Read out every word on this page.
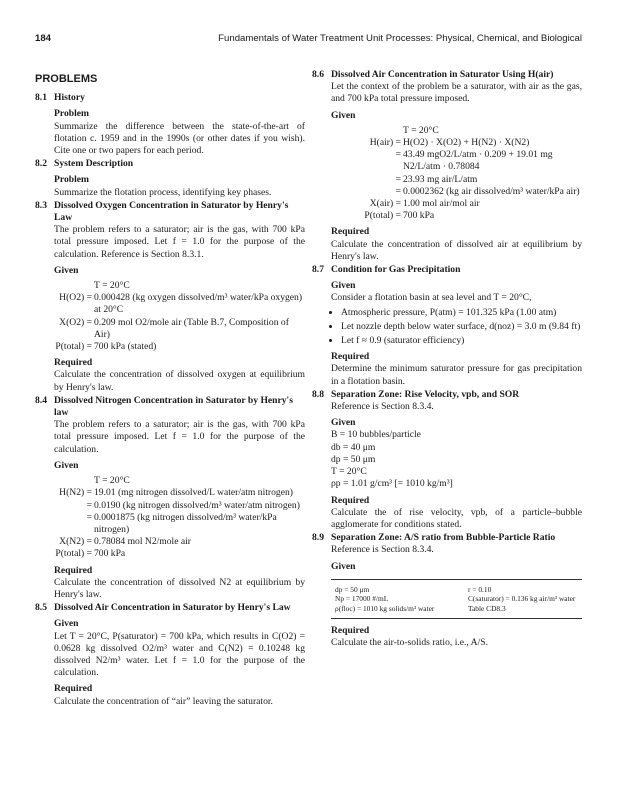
184	Fundamentals of Water Treatment Unit Processes: Physical, Chemical, and Biological
PROBLEMS
8.1 History
Problem

Summarize the difference between the state-of-the-art of flotation c. 1959 and in the 1990s (or other dates if you wish). Cite one or two papers for each period.

8.2 System Description
Problem

Summarize the flotation process, identifying key phases.

8.3 Dissolved Oxygen Concentration in Saturator by Henry's Law

The problem refers to a saturator; air is the gas, with 700 kPa total pressure imposed. Let f = 1.0 for the purpose of the calculation. Reference is Section 8.3.1.

Given
T = 20°C
H(O2) = 0.000428 (kg oxygen dissolved/m³ water/kPa oxygen) at 20°C
X(O2) = 0.209 mol O2/mole air (Table B.7, Composition of Air)
P(total) = 700 kPa (stated)
Required

Calculate the concentration of dissolved oxygen at equilibrium by Henry's law.

8.4 Dissolved Nitrogen Concentration in Saturator by Henry's law

The problem refers to a saturator; air is the gas, with 700 kPa total pressure imposed. Let f = 1.0 for the purpose of the calculation.

Given
T = 20°C
H(N2) = 19.01 (mg nitrogen dissolved/L water/atm nitrogen)
= 0.0190 (kg nitrogen dissolved/m³ water/atm nitrogen)
= 0.0001875 (kg nitrogen dissolved/m³ water/kPa nitrogen)
X(N2) = 0.78084 mol N2/mole air
P(total) = 700 kPa
Required

Calculate the concentration of dissolved N2 at equilibrium by Henry's law.

8.5 Dissolved Air Concentration in Saturator by Henry's Law
Given

Let T = 20°C, P(saturator) = 700 kPa, which results in C(O2) = 0.0628 kg dissolved O2/m³ water and C(N2) = 0.10248 kg dissolved N2/m³ water. Let f = 1.0 for the purpose of the calculation.

Required

Calculate the concentration of “air” leaving the saturator.

8.6 Dissolved Air Concentration in Saturator Using H(air)

Let the context of the problem be a saturator, with air as the gas, and 700 kPa total pressure imposed.

Given
T = 20°C
H(air) = H(O2) · X(O2) + H(N2) · X(N2)
= 43.49 mgO2/L/atm · 0.209 + 19.01 mg N2/L/atm · 0.78084
= 23.93 mg air/L/atm
= 0.0002362 (kg air dissolved/m³ water/kPa air)
X(air) = 1.00 mol air/mol air
P(total) = 700 kPa
Required

Calculate the concentration of dissolved air at equilibrium by Henry's law.

8.7 Condition for Gas Precipitation
Given

Consider a flotation basin at sea level and T = 20°C,

• Atmospheric pressure, P(atm) = 101.325 kPa (1.00 atm)
• Let nozzle depth below water surface, d(noz) = 3.0 m (9.84 ft)
• Let f ≈ 0.9 (saturator efficiency)
Required

Determine the minimum saturator pressure for gas precipitation in a flotation basin.

8.8 Separation Zone: Rise Velocity, vpb, and SOR

Reference is Section 8.3.4.

Given
B = 10 bubbles/particle
db = 40 μm
dp = 50 μm
T = 20°C
ρp = 1.01 g/cm³ [= 1010 kg/m³]
Required

Calculate the of rise velocity, vpb, of a particle–bubble agglomerate for conditions stated.

8.9 Separation Zone: A/S ratio from Bubble-Particle Ratio

Reference is Section 8.3.4.

Given
dp = 50 μm	r = 0.10
Np = 17000 #/mL	C(saturator) = 0.136 kg air/m³ water
ρ(floc) = 1010 kg solids/m³ water	Table CD8.3
Required

Calculate the air-to-solids ratio, i.e., A/S.
